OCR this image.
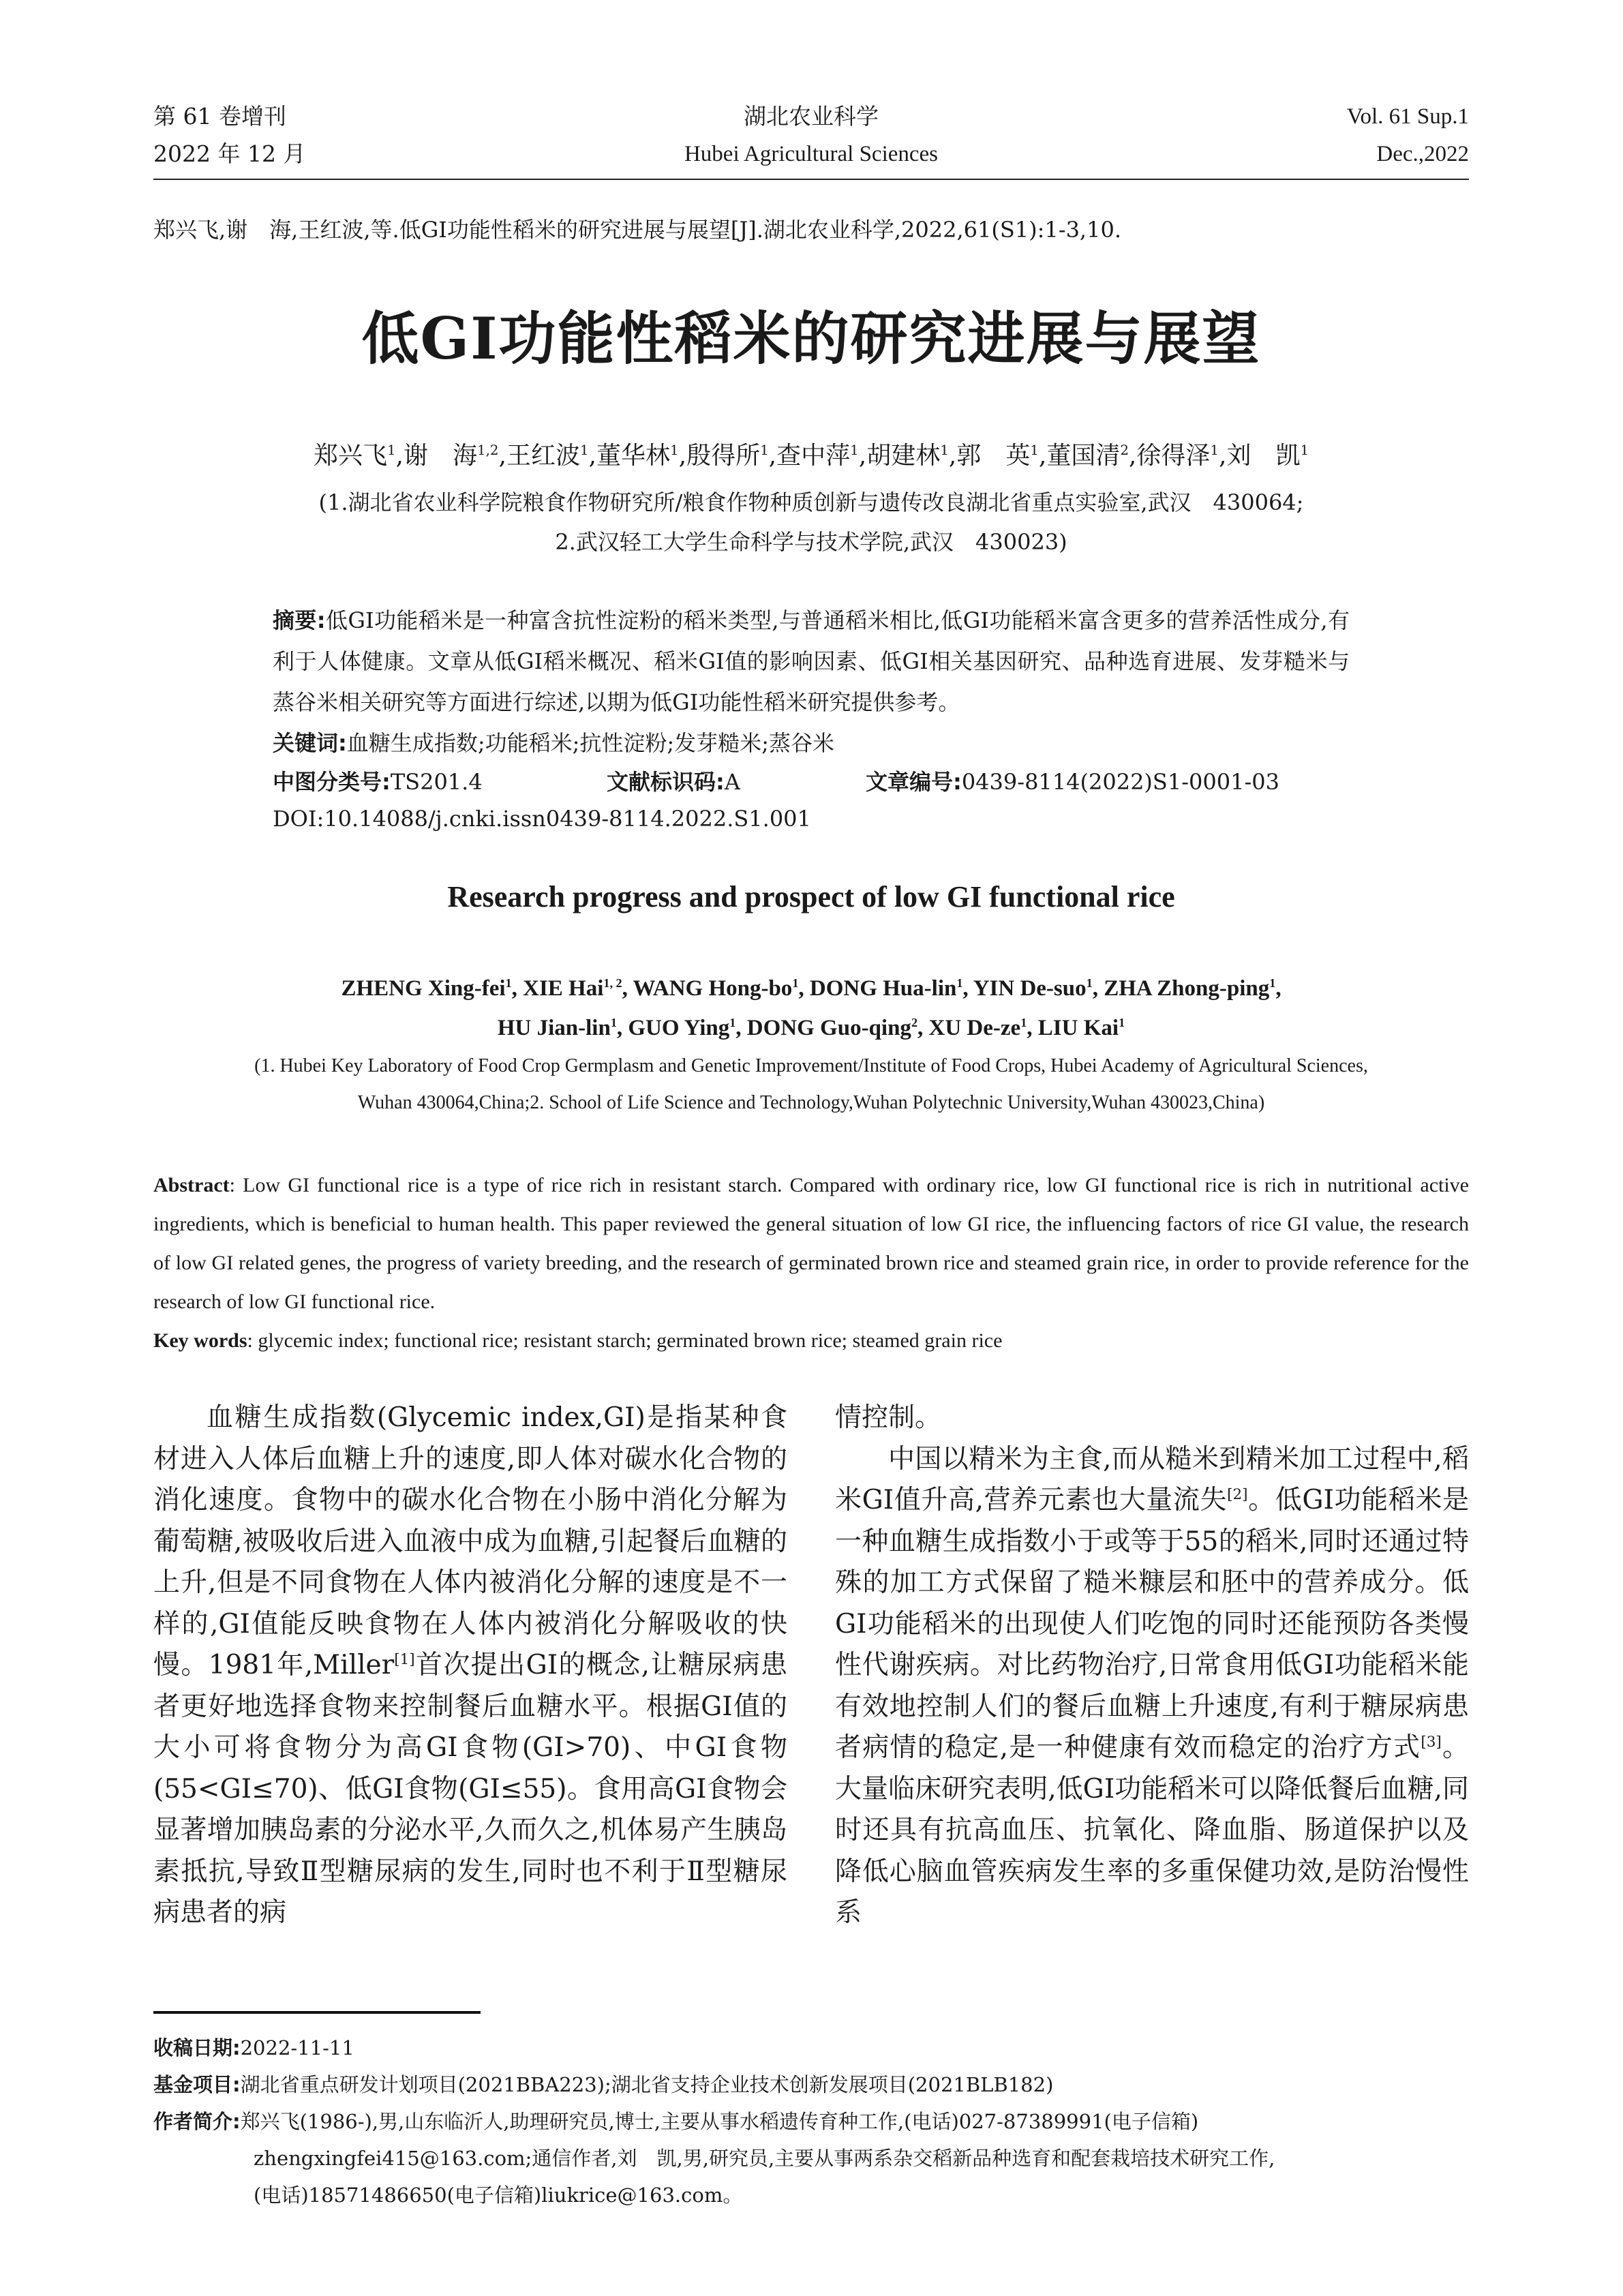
第 61 卷增刊
2022 年 12 月
湖北农业科学
Hubei Agricultural Sciences
Vol. 61 Sup.1
Dec.,2022
郑兴飞,谢　海,王红波,等.低GI功能性稻米的研究进展与展望[J].湖北农业科学,2022,61(S1):1-3,10.
低GI功能性稻米的研究进展与展望
郑兴飞$^1$,谢　海$^{1,2}$,王红波$^1$,董华林$^1$,殷得所$^1$,查中萍$^1$,胡建林$^1$,郭　英$^1$,董国清$^2$,徐得泽$^1$,刘　凯$^1$
(1.湖北省农业科学院粮食作物研究所/粮食作物种质创新与遗传改良湖北省重点实验室,武汉　430064;
2.武汉轻工大学生命科学与技术学院,武汉　430023)

摘要:低GI功能稻米是一种富含抗性淀粉的稻米类型,与普通稻米相比,低GI功能稻米富含更多的营养活性成分,有利于人体健康。文章从低GI稻米概况、稻米GI值的影响因素、低GI相关基因研究、品种选育进展、发芽糙米与蒸谷米相关研究等方面进行综述,以期为低GI功能性稻米研究提供参考。

关键词:血糖生成指数;功能稻米;抗性淀粉;发芽糙米;蒸谷米

中图分类号:TS201.4	文献标识码:A	文章编号:0439-8114(2022)S1-0001-03
DOI:10.14088/j.cnki.issn0439-8114.2022.S1.001
Research progress and prospect of low GI functional rice
ZHENG Xing-fei$^1$, XIE Hai$^{1, 2}$, WANG Hong-$bo^1$, DONG Hua-lin$^1$, YIN De-suo$^1$, ZHA Zhong-ping$^1$,
HU Jian-lin$^1$, GUO Ying$^1$, DONG Guo-qing$^2$, XU $De-ze^1$, LIU Kai$^1$
(1. Hubei Key Laboratory of Food Crop Germplasm and Genetic Improvement/Institute of Food Crops, Hubei Academy of Agricultural Sciences,
Wuhan 430064,China;2. School of Life Science and Technology,Wuhan Polytechnic University,Wuhan 430023,China)

Abstract: Low GI functional rice is a type of rice rich in resistant starch. Compared with ordinary rice, low GI functional rice is rich in nutritional active ingredients, which is beneficial to human health. This paper reviewed the general situation of low GI rice, the influencing factors of rice GI value, the research of low GI related genes, the progress of variety breeding, and the research of germinated brown rice and steamed grain rice, in order to provide reference for the research of low GI functional rice.

Key words: glycemic index; functional rice; resistant starch; germinated brown rice; steamed grain rice

血糖生成指数(Glycemic index,GI)是指某种食材进入人体后血糖上升的速度,即人体对碳水化合物的消化速度。食物中的碳水化合物在小肠中消化分解为葡萄糖,被吸收后进入血液中成为血糖,引起餐后血糖的上升,但是不同食物在人体内被消化分解的速度是不一样的,GI值能反映食物在人体内被消化分解吸收的快慢。1981年,Miller[1]首次提出GI的概念,让糖尿病患者更好地选择食物来控制餐后血糖水平。根据GI值的大小可将食物分为高GI食物(GI>70)、中GI食物(55<GI≤70)、低GI食物(GI≤55)。食用高GI食物会显著增加胰岛素的分泌水平,久而久之,机体易产生胰岛素抵抗,导致Ⅱ型糖尿病的发生,同时也不利于Ⅱ型糖尿病患者的病

情控制。

中国以精米为主食,而从糙米到精米加工过程中,稻米GI值升高,营养元素也大量流失[2]。低GI功能稻米是一种血糖生成指数小于或等于55的稻米,同时还通过特殊的加工方式保留了糙米糠层和胚中的营养成分。低GI功能稻米的出现使人们吃饱的同时还能预防各类慢性代谢疾病。对比药物治疗,日常食用低GI功能稻米能有效地控制人们的餐后血糖上升速度,有利于糖尿病患者病情的稳定,是一种健康有效而稳定的治疗方式[3]。大量临床研究表明,低GI功能稻米可以降低餐后血糖,同时还具有抗高血压、抗氧化、降血脂、肠道保护以及降低心脑血管疾病发生率的多重保健功效,是防治慢性系

收稿日期:2022-11-11
基金项目:湖北省重点研发计划项目(2021BBA223);湖北省支持企业技术创新发展项目(2021BLB182)
作者简介:郑兴飞(1986-),男,山东临沂人,助理研究员,博士,主要从事水稻遗传育种工作,(电话)027-87389991(电子信箱)
zhengxingfei415@163.com;通信作者,刘　凯,男,研究员,主要从事两系杂交稻新品种选育和配套栽培技术研究工作,
(电话)18571486650(电子信箱)liukrice@163.com。
